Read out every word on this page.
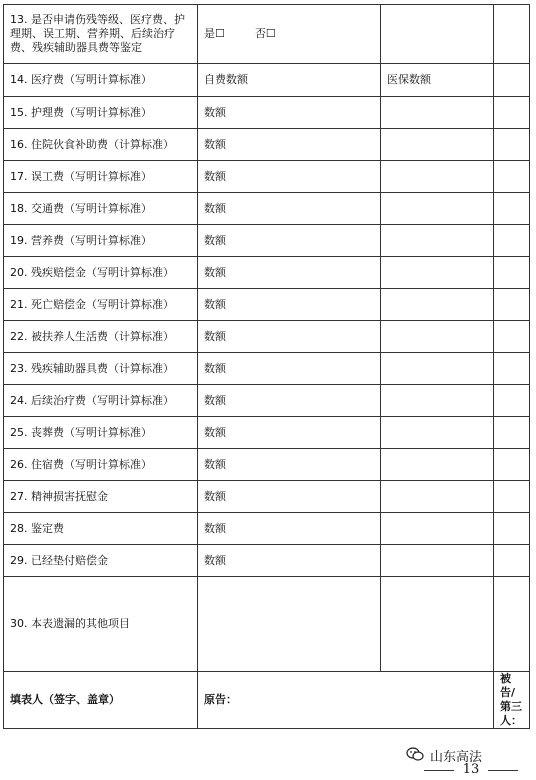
13. 是否申请伤残等级、医疗费、护理期、误工期、营养期、后续治疗费、残疾辅助器具费等鉴定	是☐ 否☐		
14. 医疗费（写明计算标准）	自费数额	医保数额	
15. 护理费（写明计算标准）	数额		
16. 住院伙食补助费（计算标准）	数额		
17. 误工费（写明计算标准）	数额		
18. 交通费（写明计算标准）	数额		
19. 营养费（写明计算标准）	数额		
20. 残疾赔偿金（写明计算标准）	数额		
21. 死亡赔偿金（写明计算标准）	数额		
22. 被扶养人生活费（计算标准）	数额		
23. 残疾辅助器具费（计算标准）	数额		
24. 后续治疗费（写明计算标准）	数额		
25. 丧葬费（写明计算标准）	数额		
26. 住宿费（写明计算标准）	数额		
27. 精神损害抚慰金	数额		
28. 鉴定费	数额		
29. 已经垫付赔偿金	数额		
30. 本表遗漏的其他项目			
填表人（签字、盖章）	原告：		被告/第三人：
山东高法
13
